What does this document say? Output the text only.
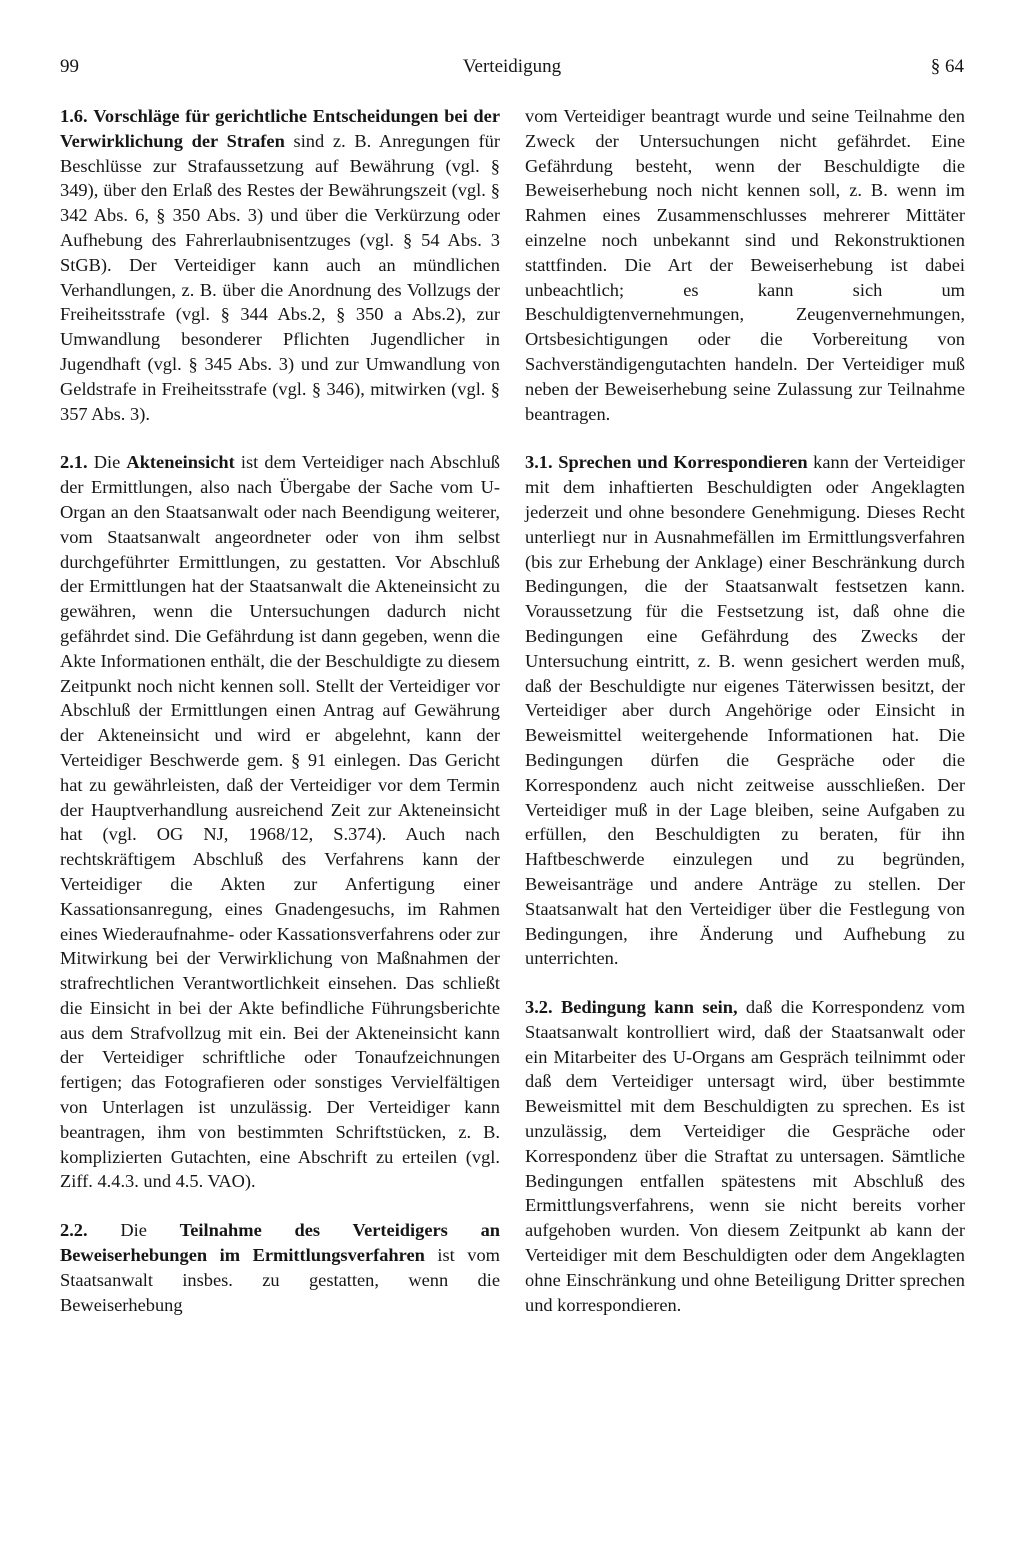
99	Verteidigung	§ 64

1.6. Vorschläge für gerichtliche Entscheidungen bei der Verwirklichung der Strafen sind z. B. Anregungen für Beschlüsse zur Strafaussetzung auf Bewährung (vgl. § 349), über den Erlaß des Restes der Bewährungszeit (vgl. § 342 Abs. 6, § 350 Abs. 3) und über die Verkürzung oder Aufhebung des Fahrerlaubnisentzuges (vgl. § 54 Abs. 3 StGB). Der Verteidiger kann auch an mündlichen Verhandlungen, z. B. über die Anordnung des Vollzugs der Freiheitsstrafe (vgl. § 344 Abs.2, § 350 a Abs.2), zur Umwandlung besonderer Pflichten Jugendlicher in Jugendhaft (vgl. § 345 Abs. 3) und zur Umwandlung von Geldstrafe in Freiheitsstrafe (vgl. § 346), mitwirken (vgl. § 357 Abs. 3).

2.1. Die Akteneinsicht ist dem Verteidiger nach Abschluß der Ermittlungen, also nach Übergabe der Sache vom U-Organ an den Staatsanwalt oder nach Beendigung weiterer, vom Staatsanwalt angeordneter oder von ihm selbst durchgeführter Ermittlungen, zu gestatten. Vor Abschluß der Ermittlungen hat der Staatsanwalt die Akteneinsicht zu gewähren, wenn die Untersuchungen dadurch nicht gefährdet sind. Die Gefährdung ist dann gegeben, wenn die Akte Informationen enthält, die der Beschuldigte zu diesem Zeitpunkt noch nicht kennen soll. Stellt der Verteidiger vor Abschluß der Ermittlungen einen Antrag auf Gewährung der Akteneinsicht und wird er abgelehnt, kann der Verteidiger Beschwerde gem. § 91 einlegen. Das Gericht hat zu gewährleisten, daß der Verteidiger vor dem Termin der Hauptverhandlung ausreichend Zeit zur Akteneinsicht hat (vgl. OG NJ, 1968/12, S.374). Auch nach rechtskräftigem Abschluß des Verfahrens kann der Verteidiger die Akten zur Anfertigung einer Kassationsanregung, eines Gnadengesuchs, im Rahmen eines Wiederaufnahme- oder Kassationsverfahrens oder zur Mitwirkung bei der Verwirklichung von Maßnahmen der strafrechtlichen Verantwortlichkeit einsehen. Das schließt die Einsicht in bei der Akte befindliche Führungsberichte aus dem Strafvollzug mit ein. Bei der Akteneinsicht kann der Verteidiger schriftliche oder Tonaufzeichnungen fertigen; das Fotografieren oder sonstiges Vervielfältigen von Unterlagen ist unzulässig. Der Verteidiger kann beantragen, ihm von bestimmten Schriftstücken, z. B. komplizierten Gutachten, eine Abschrift zu erteilen (vgl. Ziff. 4.4.3. und 4.5. VAO).

2.2. Die Teilnahme des Verteidigers an Beweiserhebungen im Ermittlungsverfahren ist vom Staatsanwalt insbes. zu gestatten, wenn die Beweiserhebung

vom Verteidiger beantragt wurde und seine Teilnahme den Zweck der Untersuchungen nicht gefährdet. Eine Gefährdung besteht, wenn der Beschuldigte die Beweiserhebung noch nicht kennen soll, z. B. wenn im Rahmen eines Zusammenschlusses mehrerer Mittäter einzelne noch unbekannt sind und Rekonstruktionen stattfinden. Die Art der Beweiserhebung ist dabei unbeachtlich; es kann sich um Beschuldigtenvernehmungen, Zeugenvernehmungen, Ortsbesichtigungen oder die Vorbereitung von Sachverständigengutachten handeln. Der Verteidiger muß neben der Beweiserhebung seine Zulassung zur Teilnahme beantragen.

3.1. Sprechen und Korrespondieren kann der Verteidiger mit dem inhaftierten Beschuldigten oder Angeklagten jederzeit und ohne besondere Genehmigung. Dieses Recht unterliegt nur in Ausnahmefällen im Ermittlungsverfahren (bis zur Erhebung der Anklage) einer Beschränkung durch Bedingungen, die der Staatsanwalt festsetzen kann. Voraussetzung für die Festsetzung ist, daß ohne die Bedingungen eine Gefährdung des Zwecks der Untersuchung eintritt, z. B. wenn gesichert werden muß, daß der Beschuldigte nur eigenes Täterwissen besitzt, der Verteidiger aber durch Angehörige oder Einsicht in Beweismittel weitergehende Informationen hat. Die Bedingungen dürfen die Gespräche oder die Korrespondenz auch nicht zeitweise ausschließen. Der Verteidiger muß in der Lage bleiben, seine Aufgaben zu erfüllen, den Beschuldigten zu beraten, für ihn Haftbeschwerde einzulegen und zu begründen, Beweisanträge und andere Anträge zu stellen. Der Staatsanwalt hat den Verteidiger über die Festlegung von Bedingungen, ihre Änderung und Aufhebung zu unterrichten.

3.2. Bedingung kann sein, daß die Korrespondenz vom Staatsanwalt kontrolliert wird, daß der Staatsanwalt oder ein Mitarbeiter des U-Organs am Gespräch teilnimmt oder daß dem Verteidiger untersagt wird, über bestimmte Beweismittel mit dem Beschuldigten zu sprechen. Es ist unzulässig, dem Verteidiger die Gespräche oder Korrespondenz über die Straftat zu untersagen. Sämtliche Bedingungen entfallen spätestens mit Abschluß des Ermittlungsverfahrens, wenn sie nicht bereits vorher aufgehoben wurden. Von diesem Zeitpunkt ab kann der Verteidiger mit dem Beschuldigten oder dem Angeklagten ohne Einschränkung und ohne Beteiligung Dritter sprechen und korrespondieren.
